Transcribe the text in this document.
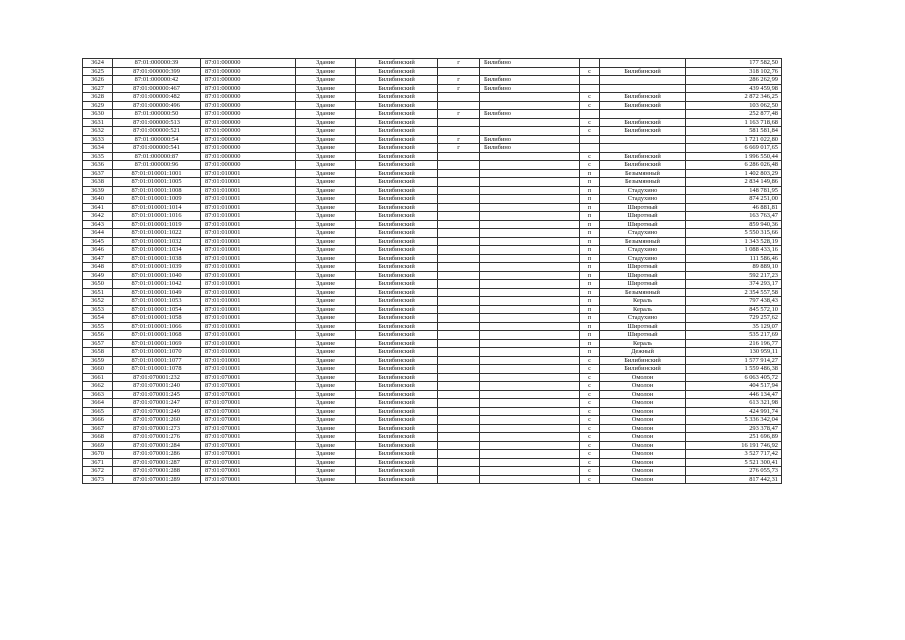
3624	87:01:000000:39	87:01:000000	Здание	Билибинский	г	Билибино			177 582,50
3625	87:01:000000:399	87:01:000000	Здание	Билибинский			с	Билибинский	318 102,76
3626	87:01:000000:42	87:01:000000	Здание	Билибинский	г	Билибино			286 262,99
3627	87:01:000000:467	87:01:000000	Здание	Билибинский	г	Билибино			439 459,98
3628	87:01:000000:482	87:01:000000	Здание	Билибинский			с	Билибинский	2 872 346,25
3629	87:01:000000:496	87:01:000000	Здание	Билибинский			с	Билибинский	103 062,50
3630	87:01:000000:50	87:01:000000	Здание	Билибинский	г	Билибино			252 877,48
3631	87:01:000000:513	87:01:000000	Здание	Билибинский			с	Билибинский	1 163 718,68
3632	87:01:000000:521	87:01:000000	Здание	Билибинский			с	Билибинский	581 581,84
3633	87:01:000000:54	87:01:000000	Здание	Билибинский	г	Билибино			1 721 022,80
3634	87:01:000000:541	87:01:000000	Здание	Билибинский	г	Билибино			6 669 017,65
3635	87:01:000000:87	87:01:000000	Здание	Билибинский			с	Билибинский	1 996 550,44
3636	87:01:000000:96	87:01:000000	Здание	Билибинский			с	Билибинский	6 286 026,48
3637	87:01:010001:1001	87:01:010001	Здание	Билибинский			п	Безымянный	1 402 803,29
3638	87:01:010001:1005	87:01:010001	Здание	Билибинский			п	Безымянный	2 834 149,86
3639	87:01:010001:1008	87:01:010001	Здание	Билибинский			п	Стадухино	148 781,95
3640	87:01:010001:1009	87:01:010001	Здание	Билибинский			п	Стадухино	874 251,00
3641	87:01:010001:1014	87:01:010001	Здание	Билибинский			п	Широтный	46 881,81
3642	87:01:010001:1016	87:01:010001	Здание	Билибинский			п	Широтный	163 763,47
3643	87:01:010001:1019	87:01:010001	Здание	Билибинский			п	Широтный	859 940,36
3644	87:01:010001:1022	87:01:010001	Здание	Билибинский			п	Стадухино	5 550 315,66
3645	87:01:010001:1032	87:01:010001	Здание	Билибинский			п	Безымянный	1 343 528,19
3646	87:01:010001:1034	87:01:010001	Здание	Билибинский			п	Стадухино	1 088 433,16
3647	87:01:010001:1038	87:01:010001	Здание	Билибинский			п	Стадухино	111 586,46
3648	87:01:010001:1039	87:01:010001	Здание	Билибинский			п	Широтный	89 889,10
3649	87:01:010001:1040	87:01:010001	Здание	Билибинский			п	Широтный	592 217,23
3650	87:01:010001:1042	87:01:010001	Здание	Билибинский			п	Широтный	374 293,17
3651	87:01:010001:1049	87:01:010001	Здание	Билибинский			п	Безымянный	2 354 557,58
3652	87:01:010001:1053	87:01:010001	Здание	Билибинский			п	Кераль	797 438,43
3653	87:01:010001:1054	87:01:010001	Здание	Билибинский			п	Кераль	845 572,10
3654	87:01:010001:1058	87:01:010001	Здание	Билибинский			п	Стадухино	729 257,62
3655	87:01:010001:1066	87:01:010001	Здание	Билибинский			п	Широтный	35 129,07
3656	87:01:010001:1068	87:01:010001	Здание	Билибинский			п	Широтный	535 217,69
3657	87:01:010001:1069	87:01:010001	Здание	Билибинский			п	Кераль	216 196,77
3658	87:01:010001:1070	87:01:010001	Здание	Билибинский			п	Дежный	130 959,11
3659	87:01:010001:1077	87:01:010001	Здание	Билибинский			с	Билибинский	1 577 914,27
3660	87:01:010001:1078	87:01:010001	Здание	Билибинский			с	Билибинский	1 559 486,38
3661	87:01:070001:232	87:01:070001	Здание	Билибинский			с	Омолон	6 063 405,72
3662	87:01:070001:240	87:01:070001	Здание	Билибинский			с	Омолон	404 517,94
3663	87:01:070001:245	87:01:070001	Здание	Билибинский			с	Омолон	446 134,47
3664	87:01:070001:247	87:01:070001	Здание	Билибинский			с	Омолон	613 321,98
3665	87:01:070001:249	87:01:070001	Здание	Билибинский			с	Омолон	424 991,74
3666	87:01:070001:260	87:01:070001	Здание	Билибинский			с	Омолон	5 336 342,04
3667	87:01:070001:273	87:01:070001	Здание	Билибинский			с	Омолон	293 378,47
3668	87:01:070001:276	87:01:070001	Здание	Билибинский			с	Омолон	251 696,89
3669	87:01:070001:284	87:01:070001	Здание	Билибинский			с	Омолон	16 191 746,92
3670	87:01:070001:286	87:01:070001	Здание	Билибинский			с	Омолон	3 527 717,42
3671	87:01:070001:287	87:01:070001	Здание	Билибинский			с	Омолон	5 521 300,41
3672	87:01:070001:288	87:01:070001	Здание	Билибинский			с	Омолон	276 055,73
3673	87:01:070001:289	87:01:070001	Здание	Билибинский			с	Омолон	817 442,31
